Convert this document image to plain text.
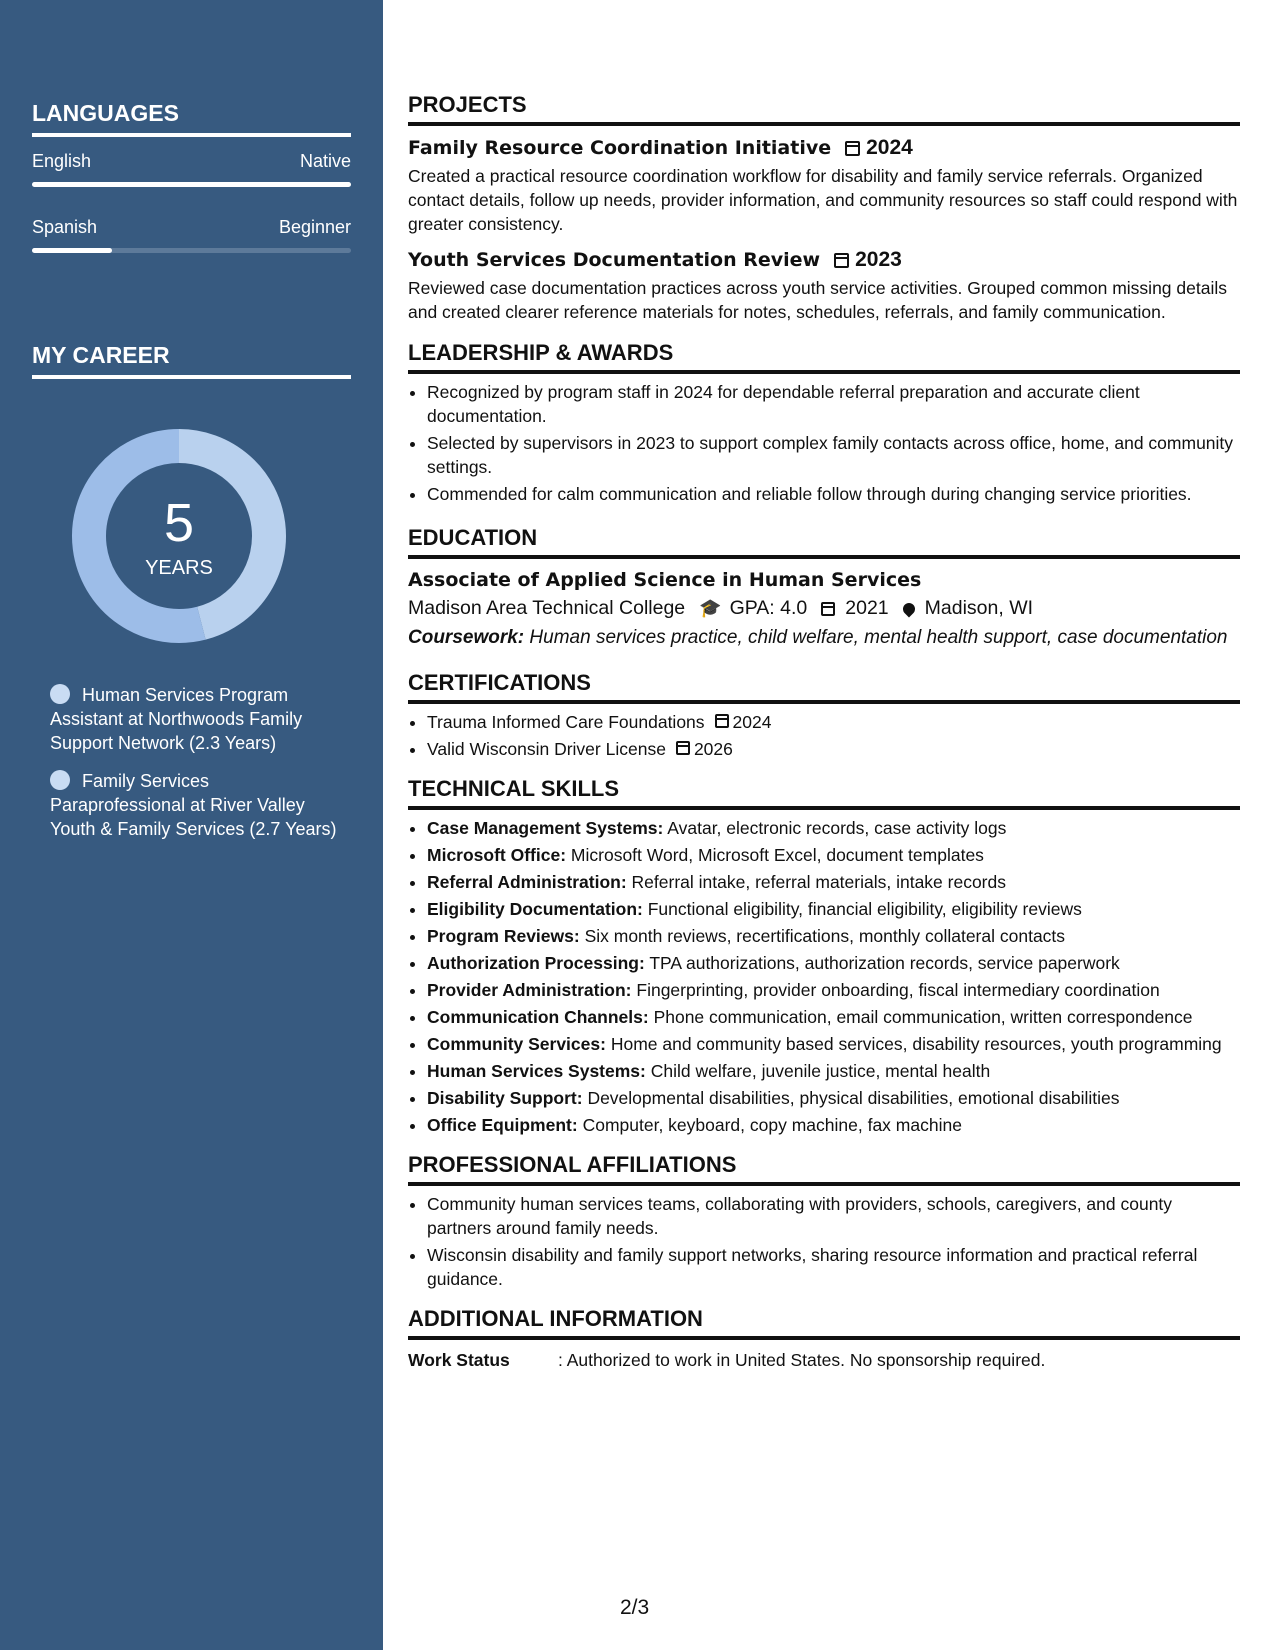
LANGUAGES
English	Native
Spanish	Beginner
MY CAREER
5
YEARS
Human Services Program Assistant at Northwoods Family Support Network (2.3 Years)
Family Services Paraprofessional at River Valley Youth & Family Services (2.7 Years)
PROJECTS
Family Resource Coordination Initiative 2024

Created a practical resource coordination workflow for disability and family service referrals. Organized contact details, follow up needs, provider information, and community resources so staff could respond with greater consistency.

Youth Services Documentation Review 2023

Reviewed case documentation practices across youth service activities. Grouped common missing details and created clearer reference materials for notes, schedules, referrals, and family communication.

LEADERSHIP & AWARDS
• Recognized by program staff in 2024 for dependable referral preparation and accurate client documentation.
• Selected by supervisors in 2023 to support complex family contacts across office, home, and community settings.
• Commended for calm communication and reliable follow through during changing service priorities.
EDUCATION
Associate of Applied Science in Human Services
Madison Area Technical College 🎓 GPA: 4.0 2021 Madison, WI

Coursework: Human services practice, child welfare, mental health support, case documentation

CERTIFICATIONS
• Trauma Informed Care Foundations 2024
• Valid Wisconsin Driver License 2026
TECHNICAL SKILLS
• Case Management Systems: Avatar, electronic records, case activity logs
• Microsoft Office: Microsoft Word, Microsoft Excel, document templates
• Referral Administration: Referral intake, referral materials, intake records
• Eligibility Documentation: Functional eligibility, financial eligibility, eligibility reviews
• Program Reviews: Six month reviews, recertifications, monthly collateral contacts
• Authorization Processing: TPA authorizations, authorization records, service paperwork
• Provider Administration: Fingerprinting, provider onboarding, fiscal intermediary coordination
• Communication Channels: Phone communication, email communication, written correspondence
• Community Services: Home and community based services, disability resources, youth programming
• Human Services Systems: Child welfare, juvenile justice, mental health
• Disability Support: Developmental disabilities, physical disabilities, emotional disabilities
• Office Equipment: Computer, keyboard, copy machine, fax machine
PROFESSIONAL AFFILIATIONS
• Community human services teams, collaborating with providers, schools, caregivers, and county partners around family needs.
• Wisconsin disability and family support networks, sharing resource information and practical referral guidance.
ADDITIONAL INFORMATION
Work Status	: Authorized to work in United States. No sponsorship required.
2/3
